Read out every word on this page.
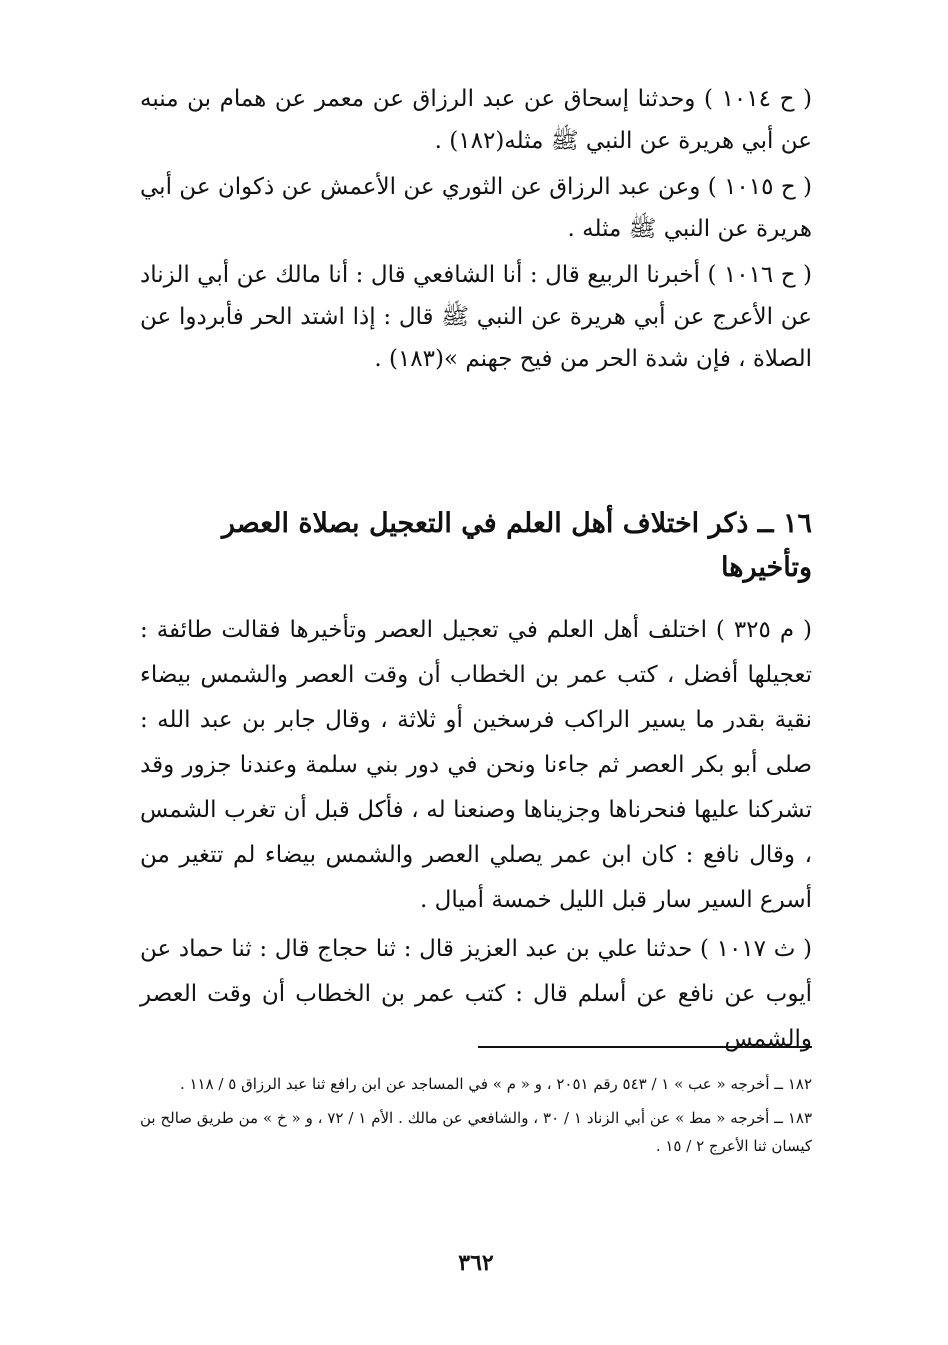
( ح ١٠١٤ ) وحدثنا إسحاق عن عبد الرزاق عن معمر عن همام بن منبه عن أبي هريرة عن النبي ﷺ مثله(١٨٢) .

( ح ١٠١٥ ) وعن عبد الرزاق عن الثوري عن الأعمش عن ذكوان عن أبي هريرة عن النبي ﷺ مثله .

( ح ١٠١٦ ) أخبرنا الربيع قال : أنا الشافعي قال : أنا مالك عن أبي الزناد عن الأعرج عن أبي هريرة عن النبي ﷺ قال : إذا اشتد الحر فأبردوا عن الصلاة ، فإن شدة الحر من فيح جهنم »(١٨٣) .

١٦ ــ ذكر اختلاف أهل العلم في التعجيل بصلاة العصر وتأخيرها

( م ٣٢٥ ) اختلف أهل العلم في تعجيل العصر وتأخيرها فقالت طائفة : تعجيلها أفضل ، كتب عمر بن الخطاب أن وقت العصر والشمس بيضاء نقية بقدر ما يسير الراكب فرسخين أو ثلاثة ، وقال جابر بن عبد الله : صلى أبو بكر العصر ثم جاءنا ونحن في دور بني سلمة وعندنا جزور وقد تشركنا عليها فنحرناها وجزيناها وصنعنا له ، فأكل قبل أن تغرب الشمس ، وقال نافع : كان ابن عمر يصلي العصر والشمس بيضاء لم تتغير من أسرع السير سار قبل الليل خمسة أميال .

( ث ١٠١٧ ) حدثنا علي بن عبد العزيز قال : ثنا حجاج قال : ثنا حماد عن أيوب عن نافع عن أسلم قال : كتب عمر بن الخطاب أن وقت العصر والشمس

١٨٢ ــ أخرجه « عب » ١ / ٥٤٣ رقم ٢٠٥١ ، و « م » في المساجد عن ابن رافع ثنا عبد الرزاق ٥ / ١١٨ .

١٨٣ ــ أخرجه « مط » عن أبي الزناد ١ / ٣٠ ، والشافعي عن مالك . الأم ١ / ٧٢ ، و « خ » من طريق صالح بن كيسان ثنا الأعرج ٢ / ١٥ .

٣٦٢
